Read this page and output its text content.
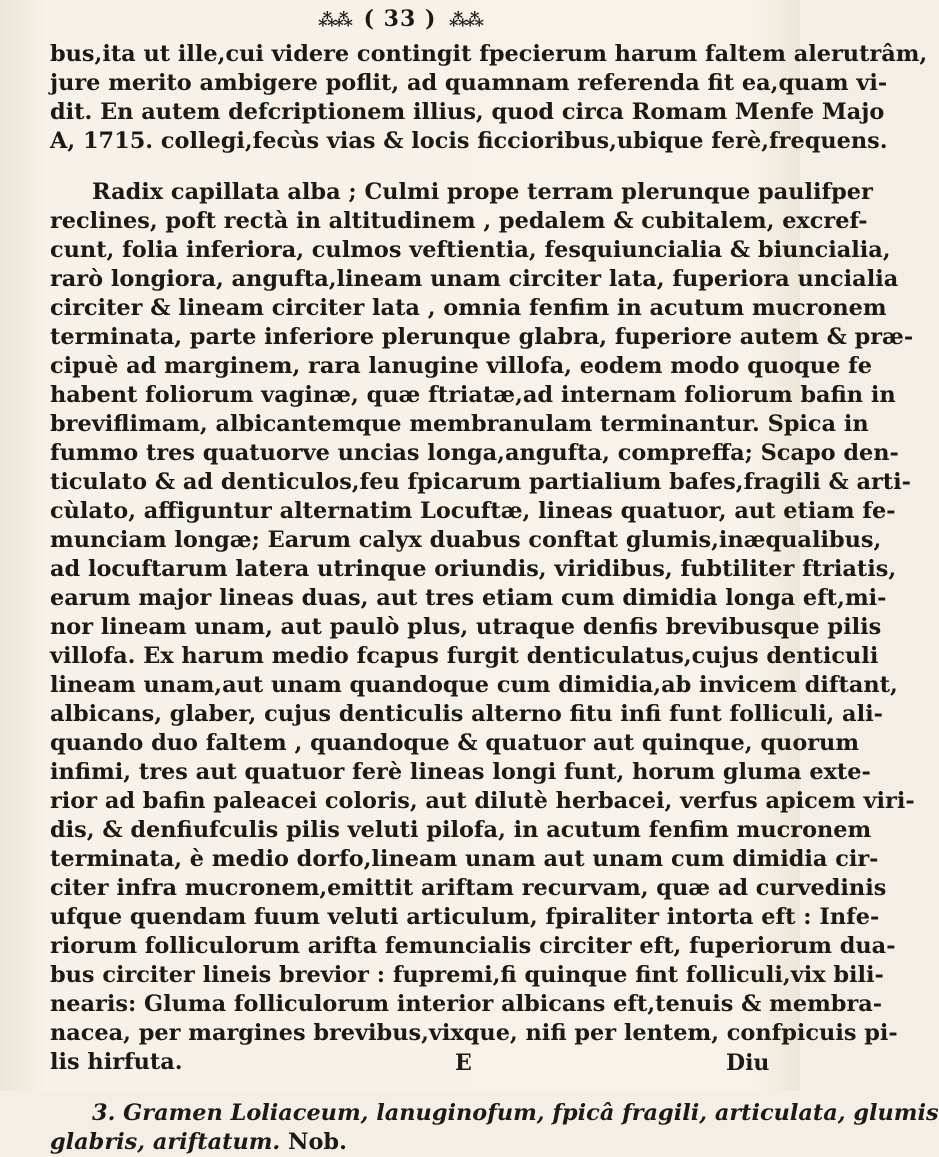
⁂⁂ ( 33 ) ⁂⁂
bus,ita ut ille,cui videre contingit fpecierum harum faltem alerutrâm,
jure merito ambigere poflit, ad quamnam referenda fit ea,quam vi-
dit. En autem defcriptionem illius, quod circa Romam Menfe Majo
A, 1715. collegi,fecùs vias & locis ficcioribus,ubique ferè,frequens.
Radix capillata alba ; Culmi prope terram plerunque paulifper
reclines, poft rectà in altitudinem , pedalem & cubitalem, excref-
cunt, folia inferiora, culmos veftientia, fesquiuncialia & biuncialia,
rarò longiora, angufta,lineam unam circiter lata, fuperiora uncialia
circiter & lineam circiter lata , omnia fenfim in acutum mucronem
terminata, parte inferiore plerunque glabra, fuperiore autem & præ-
cipuè ad marginem, rara lanugine villofa, eodem modo quoque fe
habent foliorum vaginæ, quæ ftriatæ,ad internam foliorum bafin in
breviflimam, albicantemque membranulam terminantur. Spica in
fummo tres quatuorve uncias longa,angufta, compreffa; Scapo den-
ticulato & ad denticulos,feu fpicarum partialium bafes,fragili & arti-
cùlato, affiguntur alternatim Locuftæ, lineas quatuor, aut etiam fe-
munciam longæ; Earum calyx duabus conftat glumis,inæqualibus,
ad locuftarum latera utrinque oriundis, viridibus, fubtiliter ftriatis,
earum major lineas duas, aut tres etiam cum dimidia longa eft,mi-
nor lineam unam, aut paulò plus, utraque denfis brevibusque pilis
villofa. Ex harum medio fcapus furgit denticulatus,cujus denticuli
lineam unam,aut unam quandoque cum dimidia,ab invicem diftant,
albicans, glaber, cujus denticulis alterno fitu infi funt folliculi, ali-
quando duo faltem , quandoque & quatuor aut quinque, quorum
infimi, tres aut quatuor ferè lineas longi funt, horum gluma exte-
rior ad bafin paleacei coloris, aut dilutè herbacei, verfus apicem viri-
dis, & denfiufculis pilis veluti pilofa, in acutum fenfim mucronem
terminata, è medio dorfo,lineam unam aut unam cum dimidia cir-
citer infra mucronem,emittit ariftam recurvam, quæ ad curvedinis
ufque quendam fuum veluti articulum, fpiraliter intorta eft : Infe-
riorum folliculorum arifta femuncialis circiter eft, fuperiorum dua-
bus circiter lineis brevior : fupremi,fi quinque fint folliculi,vix bili-
nearis: Gluma folliculorum interior albicans eft,tenuis & membra-
nacea, per margines brevibus,vixque, nifi per lentem, confpicuis pi-
lis hirfuta.
3. Gramen Loliaceum, lanuginofum, fpicâ fragili, articulata, glumis
glabris, ariftatum. Nob.
E	Diu
